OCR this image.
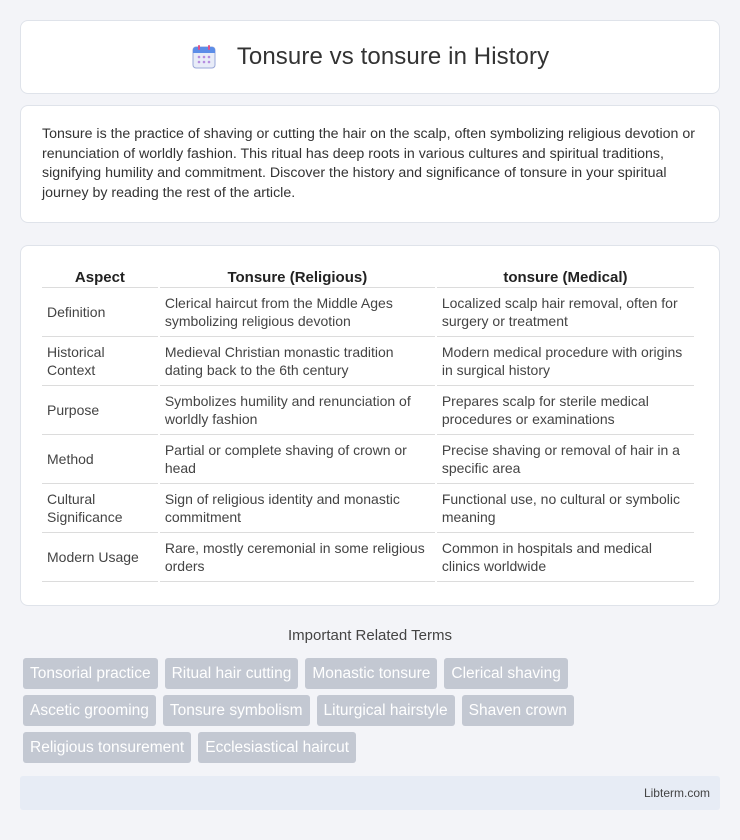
Tonsure vs tonsure in History

Tonsure is the practice of shaving or cutting the hair on the scalp, often symbolizing religious devotion or renunciation of worldly fashion. This ritual has deep roots in various cultures and spiritual traditions, signifying humility and commitment. Discover the history and significance of tonsure in your spiritual journey by reading the rest of the article.

Aspect	Tonsure (Religious)	tonsure (Medical)
Definition	Clerical haircut from the Middle Ages symbolizing religious devotion	Localized scalp hair removal, often for surgery or treatment
Historical Context	Medieval Christian monastic tradition dating back to the 6th century	Modern medical procedure with origins in surgical history
Purpose	Symbolizes humility and renunciation of worldly fashion	Prepares scalp for sterile medical procedures or examinations
Method	Partial or complete shaving of crown or head	Precise shaving or removal of hair in a specific area
Cultural Significance	Sign of religious identity and monastic commitment	Functional use, no cultural or symbolic meaning
Modern Usage	Rare, mostly ceremonial in some religious orders	Common in hospitals and medical clinics worldwide
Important Related Terms
Tonsorial practice	Ritual hair cutting	Monastic tonsure	Clerical shaving
Ascetic grooming	Tonsure symbolism	Liturgical hairstyle	Shaven crown
Religious tonsurement	Ecclesiastical haircut
Libterm.com
